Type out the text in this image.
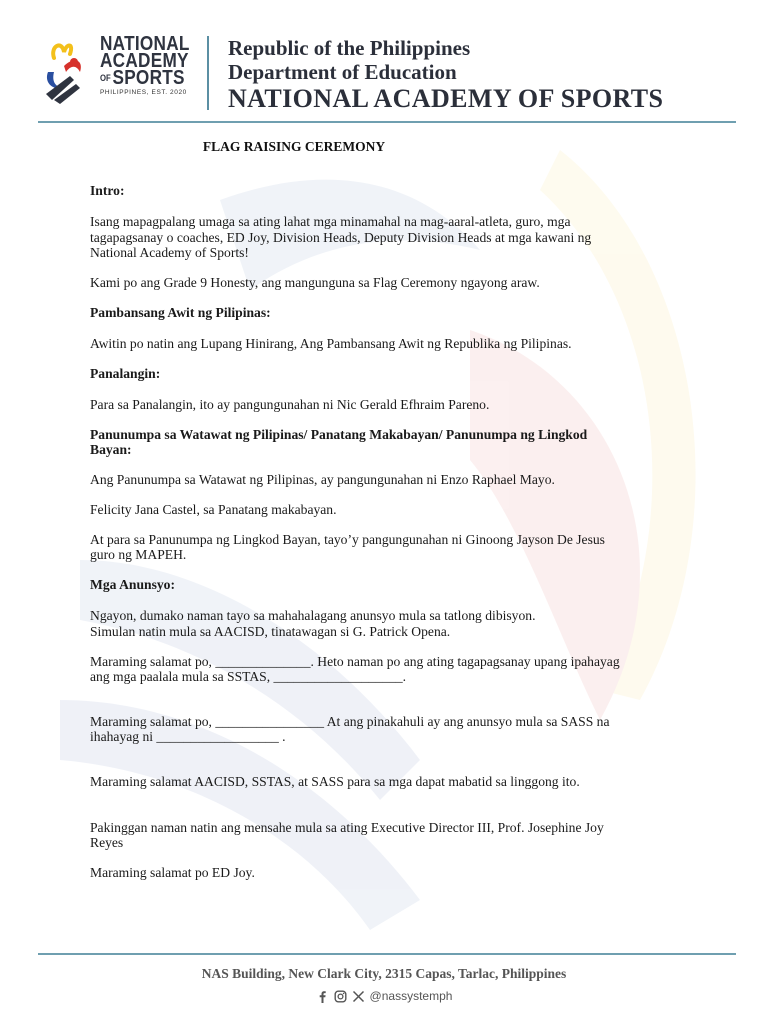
NATIONAL
ACADEMY
OFSPORTS
PHILIPPINES, EST. 2020
Republic of the Philippines
Department of Education
NATIONAL ACADEMY OF SPORTS
FLAG RAISING CEREMONY
Intro:
Isang mapagpalang umaga sa ating lahat mga minamahal na mag-aaral-atleta, guro, mga
tagapagsanay o coaches, ED Joy, Division Heads, Deputy Division Heads at mga kawani ng
National Academy of Sports!
Kami po ang Grade 9 Honesty, ang mangunguna sa Flag Ceremony ngayong araw.
Pambansang Awit ng Pilipinas:
Awitin po natin ang Lupang Hinirang, Ang Pambansang Awit ng Republika ng Pilipinas.
Panalangin:
Para sa Panalangin, ito ay pangungunahan ni Nic Gerald Efhraim Pareno.
Panunumpa sa Watawat ng Pilipinas/ Panatang Makabayan/ Panunumpa ng Lingkod
Bayan:
Ang Panunumpa sa Watawat ng Pilipinas, ay pangungunahan ni Enzo Raphael Mayo.
Felicity Jana Castel, sa Panatang makabayan.
At para sa Panunumpa ng Lingkod Bayan, tayo’y pangungunahan ni Ginoong Jayson De Jesus
guro ng MAPEH.
Mga Anunsyo:
Ngayon, dumako naman tayo sa mahahalagang anunsyo mula sa tatlong dibisyon.
Simulan natin mula sa AACISD, tinatawagan si G. Patrick Opena.
Maraming salamat po, ______________. Heto naman po ang ating tagapagsanay upang ipahayag
ang mga paalala mula sa SSTAS, ___________________.
Maraming salamat po, ________________ At ang pinakahuli ay ang anunsyo mula sa SASS na
ihahayag ni __________________ .
Maraming salamat AACISD, SSTAS, at SASS para sa mga dapat mabatid sa linggong ito.
Pakinggan naman natin ang mensahe mula sa ating Executive Director III, Prof. Josephine Joy
Reyes
Maraming salamat po ED Joy.
NAS Building, New Clark City, 2315 Capas, Tarlac, Philippines
@nassystemph
